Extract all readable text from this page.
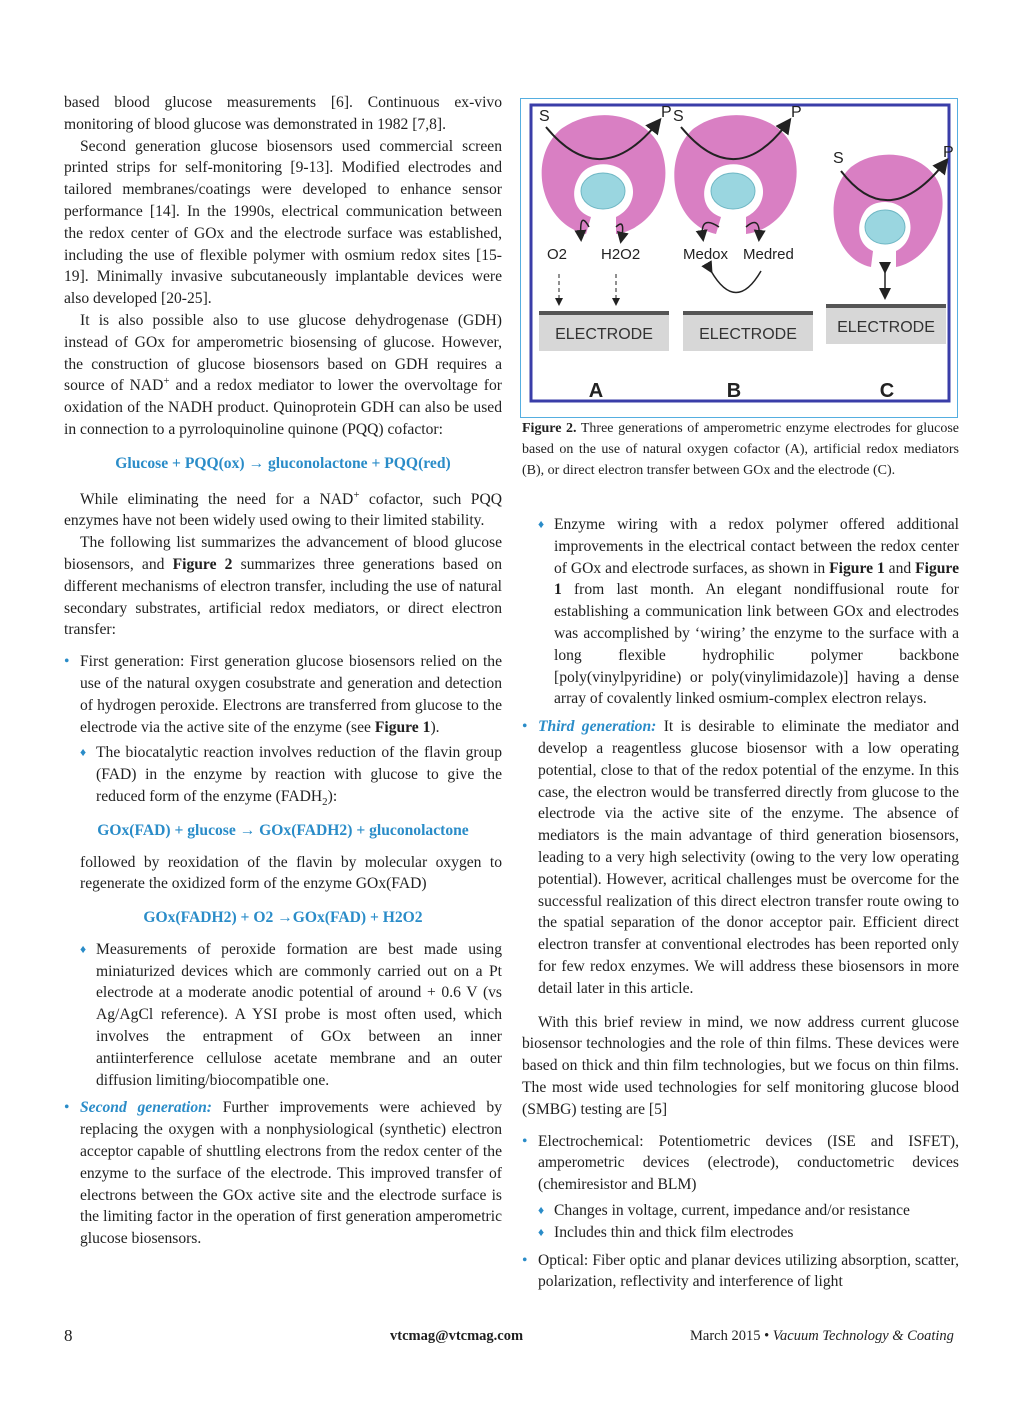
based blood glucose measurements [6]. Continuous ex-vivo monitoring of blood glucose was demonstrated in 1982 [7,8].

Second generation glucose biosensors used commercial screen printed strips for self-monitoring [9-13]. Modified electrodes and tailored membranes/coatings were developed to enhance sensor performance [14]. In the 1990s, electrical communication between the redox center of GOx and the electrode surface was established, including the use of flexible polymer with osmium redox sites [15-19]. Minimally invasive subcutaneously implantable devices were also developed [20-25].

It is also possible also to use glucose dehydrogenase (GDH) instead of GOx for amperometric biosensing of glucose. However, the construction of glucose biosensors based on GDH requires a source of NAD+ and a redox mediator to lower the overvoltage for oxidation of the NADH product. Quinoprotein GDH can also be used in connection to a pyrroloquinoline quinone (PQQ) cofactor:

Glucose + PQQ(ox) → gluconolactone + PQQ(red)

While eliminating the need for a NAD+ cofactor, such PQQ enzymes have not been widely used owing to their limited stability.

The following list summarizes the advancement of blood glucose biosensors, and Figure 2 summarizes three generations based on different mechanisms of electron transfer, including the use of natural secondary substrates, artificial redox mediators, or direct electron transfer:

• First generation: First generation glucose biosensors relied on the use of the natural oxygen cosubstrate and generation and detection of hydrogen peroxide. Electrons are transferred from glucose to the electrode via the active site of the enzyme (see Figure 1).
♦ The biocatalytic reaction involves reduction of the flavin group (FAD) in the enzyme by reaction with glucose to give the reduced form of the enzyme $(FADH_2)$:

GOx(FAD) + glucose → GOx(FADH2) + gluconolactone

followed by reoxidation of the flavin by molecular oxygen to regenerate the oxidized form of the enzyme GOx(FAD)

GOx(FADH2) + O2 →GOx(FAD) + H2O2

♦ Measurements of peroxide formation are best made using miniaturized devices which are commonly carried out on a Pt electrode at a moderate anodic potential of around + 0.6 V (vs Ag/AgCl reference). A YSI probe is most often used, which involves the entrapment of GOx between an inner antiinterference cellulose acetate membrane and an outer diffusion limiting/biocompatible one.
• Second generation: Further improvements were achieved by replacing the oxygen with a nonphysiological (synthetic) electron acceptor capable of shuttling electrons from the redox center of the enzyme to the surface of the electrode. This improved transfer of electrons between the GOx active site and the electrode surface is the limiting factor in the operation of first generation amperometric glucose biosensors.
S	P
O2 H2O2
ELECTRODE
A
S	P
Medox Medred
ELECTRODE
B
S	P
ELECTRODE
C
Figure 2. Three generations of amperometric enzyme electrodes for glucose based on the use of natural oxygen cofactor (A), artificial redox mediators (B), or direct electron transfer between GOx and the electrode (C).
♦ Enzyme wiring with a redox polymer offered additional improvements in the electrical contact between the redox center of GOx and electrode surfaces, as shown in Figure 1 and Figure 1 from last month. An elegant nondiffusional route for establishing a communication link between GOx and electrodes was accomplished by ‘wiring’ the enzyme to the surface with a long flexible hydrophilic polymer backbone [poly(vinylpyridine) or poly(vinylimidazole)] having a dense array of covalently linked osmium-complex electron relays.
• Third generation: It is desirable to eliminate the mediator and develop a reagentless glucose biosensor with a low operating potential, close to that of the redox potential of the enzyme. In this case, the electron would be transferred directly from glucose to the electrode via the active site of the enzyme. The absence of mediators is the main advantage of third generation biosensors, leading to a very high selectivity (owing to the very low operating potential). However, acritical challenges must be overcome for the successful realization of this direct electron transfer route owing to the spatial separation of the donor acceptor pair. Efficient direct electron transfer at conventional electrodes has been reported only for few redox enzymes. We will address these biosensors in more detail later in this article.

With this brief review in mind, we now address current glucose biosensor technologies and the role of thin films. These devices were based on thick and thin film technologies, but we focus on thin films. The most wide used technologies for self monitoring glucose blood (SMBG) testing are [5]

• Electrochemical: Potentiometric devices (ISE and ISFET), amperometric devices (electrode), conductometric devices (chemiresistor and BLM)
♦ Changes in voltage, current, impedance and/or resistance
♦ Includes thin and thick film electrodes
• Optical: Fiber optic and planar devices utilizing absorption, scatter, polarization, reflectivity and interference of light
8	vtcmag@vtcmag.com	March 2015 • Vacuum Technology & Coating
